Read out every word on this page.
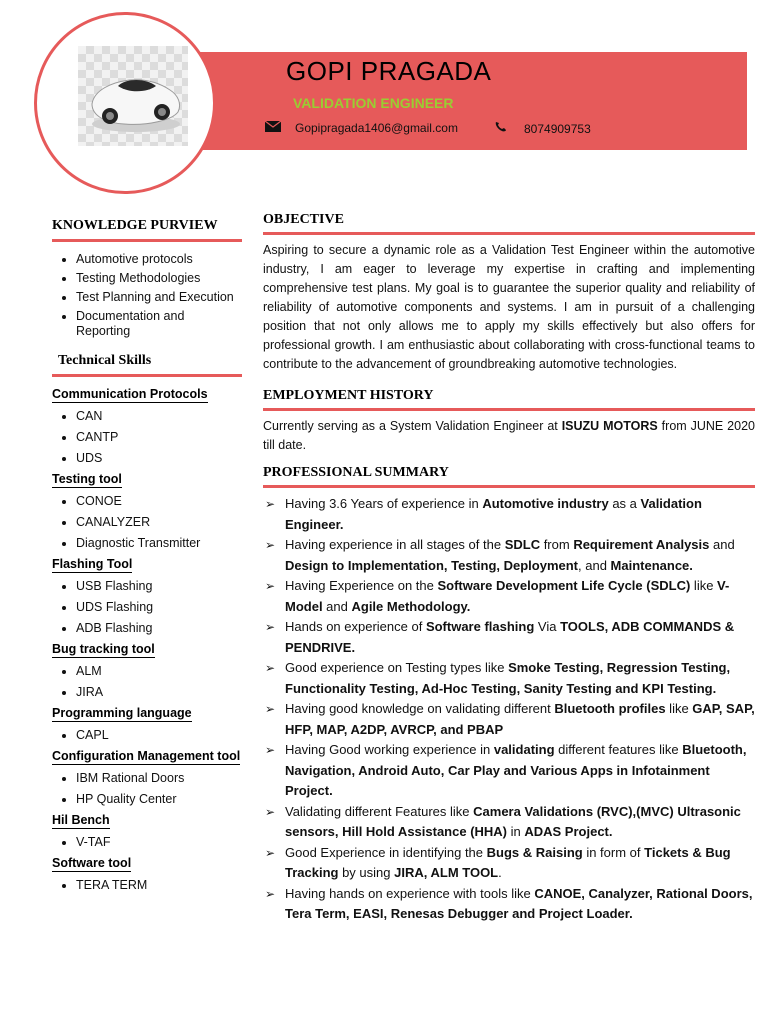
GOPI PRAGADA
VALIDATION ENGINEER
Gopipragada1406@gmail.com	8074909753
KNOWLEDGE PURVIEW
• Automotive protocols
• Testing Methodologies
• Test Planning and Execution
• Documentation and Reporting
Technical Skills
Communication Protocols
• CAN
• CANTP
• UDS
Testing tool
• CONOE
• CANALYZER
• Diagnostic Transmitter
Flashing Tool
• USB Flashing
• UDS Flashing
• ADB Flashing
Bug tracking tool
• ALM
• JIRA
Programming language
• CAPL
Configuration Management tool
• IBM Rational Doors
• HP Quality Center
Hil Bench
• V-TAF
Software tool
• TERA TERM
OBJECTIVE

Aspiring to secure a dynamic role as a Validation Test Engineer within the automotive industry, I am eager to leverage my expertise in crafting and implementing comprehensive test plans. My goal is to guarantee the superior quality and reliability of reliability of automotive components and systems. I am in pursuit of a challenging position that not only allows me to apply my skills effectively but also offers for professional growth. I am enthusiastic about collaborating with cross-functional teams to contribute to the advancement of groundbreaking automotive technologies.

EMPLOYMENT HISTORY

Currently serving as a System Validation Engineer at ISUZU MOTORS from JUNE 2020 till date.

PROFESSIONAL SUMMARY
➢ Having 3.6 Years of experience in Automotive industry as a Validation Engineer.
➢ Having experience in all stages of the SDLC from Requirement Analysis and Design to Implementation, Testing, Deployment, and Maintenance.
➢ Having Experience on the Software Development Life Cycle (SDLC) like V-Model and Agile Methodology.
➢ Hands on experience of Software flashing Via TOOLS, ADB COMMANDS & PENDRIVE.
➢ Good experience on Testing types like Smoke Testing, Regression Testing, Functionality Testing, Ad-Hoc Testing, Sanity Testing and KPI Testing.
➢ Having good knowledge on validating different Bluetooth profiles like GAP, SAP, HFP, MAP, A2DP, AVRCP, and PBAP
➢ Having Good working experience in validating different features like Bluetooth, Navigation, Android Auto, Car Play and Various Apps in Infotainment Project.
➢ Validating different Features like Camera Validations (RVC),(MVC) Ultrasonic sensors, Hill Hold Assistance (HHA) in ADAS Project.
➢ Good Experience in identifying the Bugs & Raising in form of Tickets & Bug Tracking by using JIRA, ALM TOOL.
➢ Having hands on experience with tools like CANOE, Canalyzer, Rational Doors, Tera Term, EASI, Renesas Debugger and Project Loader.
